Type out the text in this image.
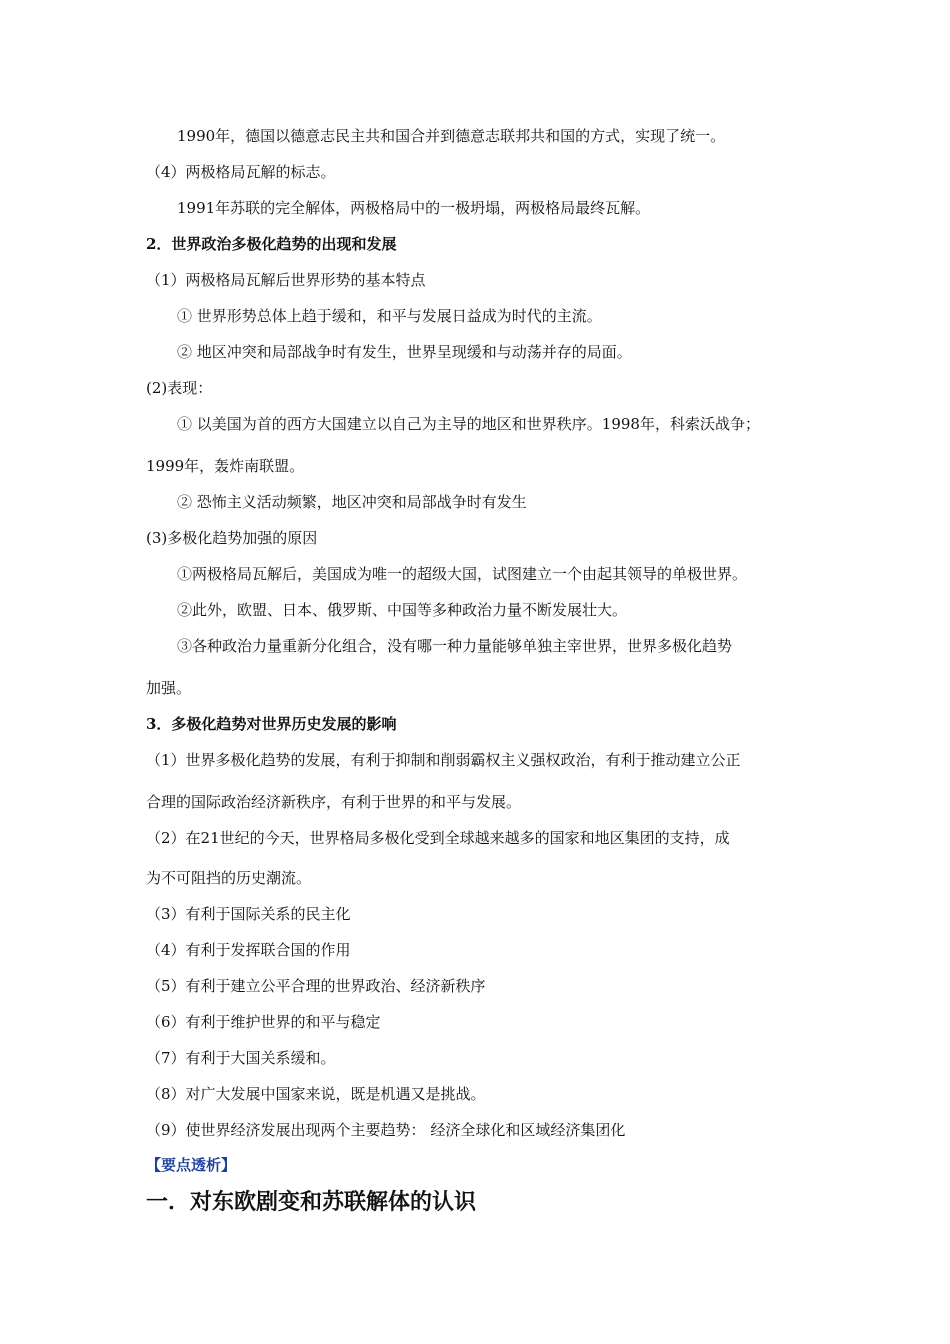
1990年，德国以德意志民主共和国合并到德意志联邦共和国的方式，实现了统一。
（4）两极格局瓦解的标志。
1991年苏联的完全解体，两极格局中的一极坍塌，两极格局最终瓦解。
2．世界政治多极化趋势的出现和发展
（1）两极格局瓦解后世界形势的基本特点
① 世界形势总体上趋于缓和，和平与发展日益成为时代的主流。
② 地区冲突和局部战争时有发生，世界呈现缓和与动荡并存的局面。
(2)表现：
① 以美国为首的西方大国建立以自己为主导的地区和世界秩序。1998年，科索沃战争；
1999年，轰炸南联盟。
② 恐怖主义活动频繁，地区冲突和局部战争时有发生
(3)多极化趋势加强的原因
①两极格局瓦解后，美国成为唯一的超级大国，试图建立一个由起其领导的单极世界。
②此外，欧盟、日本、俄罗斯、中国等多种政治力量不断发展壮大。
③各种政治力量重新分化组合，没有哪一种力量能够单独主宰世界，世界多极化趋势
加强。
3．多极化趋势对世界历史发展的影响
（1）世界多极化趋势的发展，有利于抑制和削弱霸权主义强权政治，有利于推动建立公正
合理的国际政治经济新秩序，有利于世界的和平与发展。
（2）在21世纪的今天，世界格局多极化受到全球越来越多的国家和地区集团的支持，成
为不可阻挡的历史潮流。
（3）有利于国际关系的民主化
（4）有利于发挥联合国的作用
（5）有利于建立公平合理的世界政治、经济新秩序
（6）有利于维护世界的和平与稳定
（7）有利于大国关系缓和。
（8）对广大发展中国家来说，既是机遇又是挑战。
（9）使世界经济发展出现两个主要趋势： 经济全球化和区域经济集团化
【要点透析】
一．对东欧剧变和苏联解体的认识
